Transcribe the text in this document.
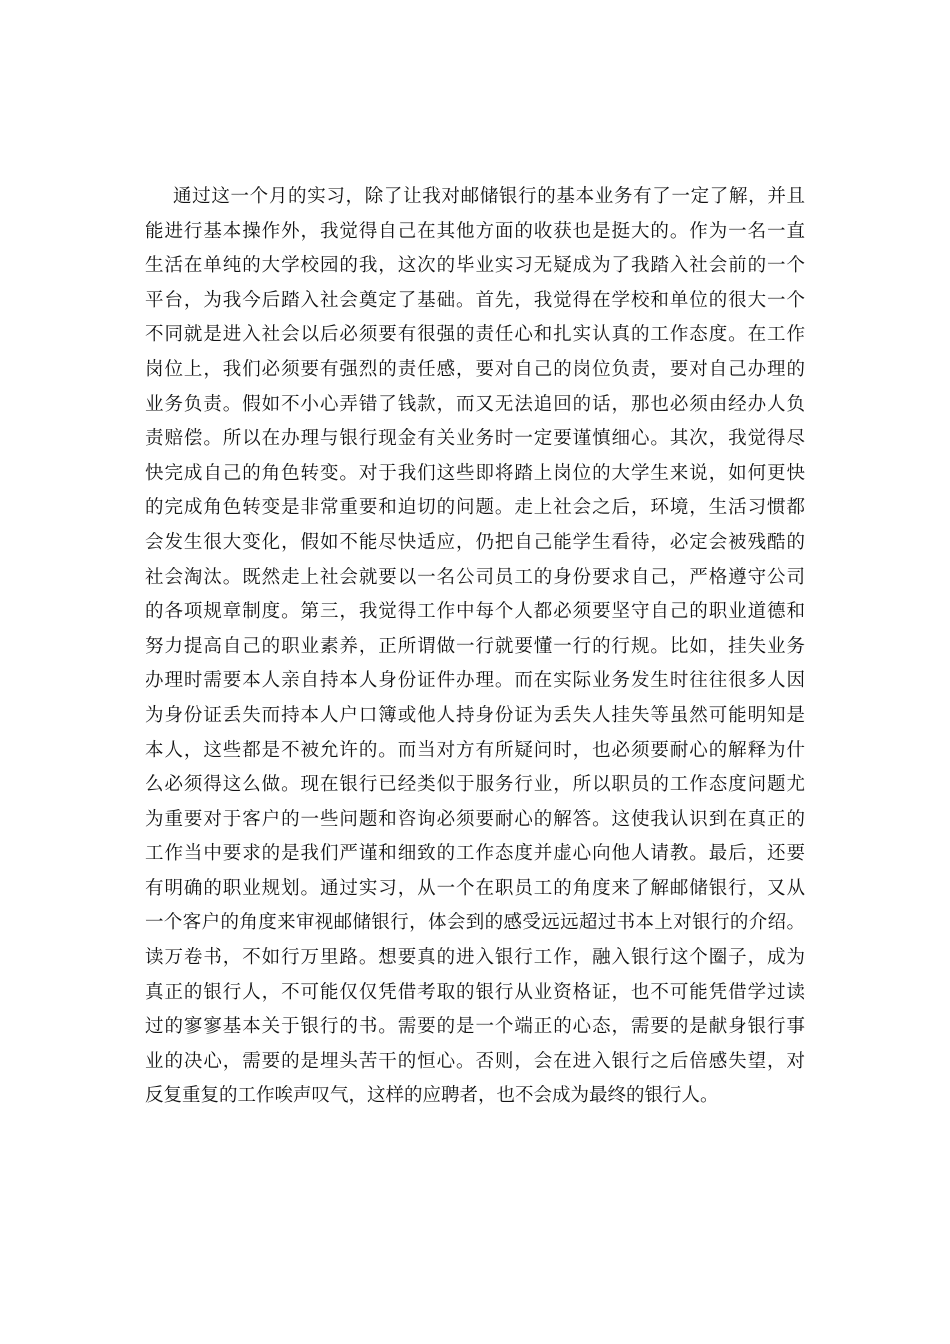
通过这一个月的实习，除了让我对邮储银行的基本业务有了一定了解，并且
能进行基本操作外，我觉得自己在其他方面的收获也是挺大的。作为一名一直
生活在单纯的大学校园的我，这次的毕业实习无疑成为了我踏入社会前的一个
平台，为我今后踏入社会奠定了基础。首先，我觉得在学校和单位的很大一个
不同就是进入社会以后必须要有很强的责任心和扎实认真的工作态度。在工作
岗位上，我们必须要有强烈的责任感，要对自己的岗位负责，要对自己办理的
业务负责。假如不小心弄错了钱款，而又无法追回的话，那也必须由经办人负
责赔偿。所以在办理与银行现金有关业务时一定要谨慎细心。其次，我觉得尽
快完成自己的角色转变。对于我们这些即将踏上岗位的大学生来说，如何更快
的完成角色转变是非常重要和迫切的问题。走上社会之后，环境，生活习惯都
会发生很大变化，假如不能尽快适应，仍把自己能学生看待，必定会被残酷的
社会淘汰。既然走上社会就要以一名公司员工的身份要求自己，严格遵守公司
的各项规章制度。第三，我觉得工作中每个人都必须要坚守自己的职业道德和
努力提高自己的职业素养，正所谓做一行就要懂一行的行规。比如，挂失业务
办理时需要本人亲自持本人身份证件办理。而在实际业务发生时往往很多人因
为身份证丢失而持本人户口簿或他人持身份证为丢失人挂失等虽然可能明知是
本人，这些都是不被允许的。而当对方有所疑问时，也必须要耐心的解释为什
么必须得这么做。现在银行已经类似于服务行业，所以职员的工作态度问题尤
为重要对于客户的一些问题和咨询必须要耐心的解答。这使我认识到在真正的
工作当中要求的是我们严谨和细致的工作态度并虚心向他人请教。最后，还要
有明确的职业规划。通过实习，从一个在职员工的角度来了解邮储银行，又从
一个客户的角度来审视邮储银行，体会到的感受远远超过书本上对银行的介绍。
读万卷书，不如行万里路。想要真的进入银行工作，融入银行这个圈子，成为
真正的银行人，不可能仅仅凭借考取的银行从业资格证，也不可能凭借学过读
过的寥寥基本关于银行的书。需要的是一个端正的心态，需要的是献身银行事
业的决心，需要的是埋头苦干的恒心。否则，会在进入银行之后倍感失望，对
反复重复的工作唉声叹气，这样的应聘者，也不会成为最终的银行人。
